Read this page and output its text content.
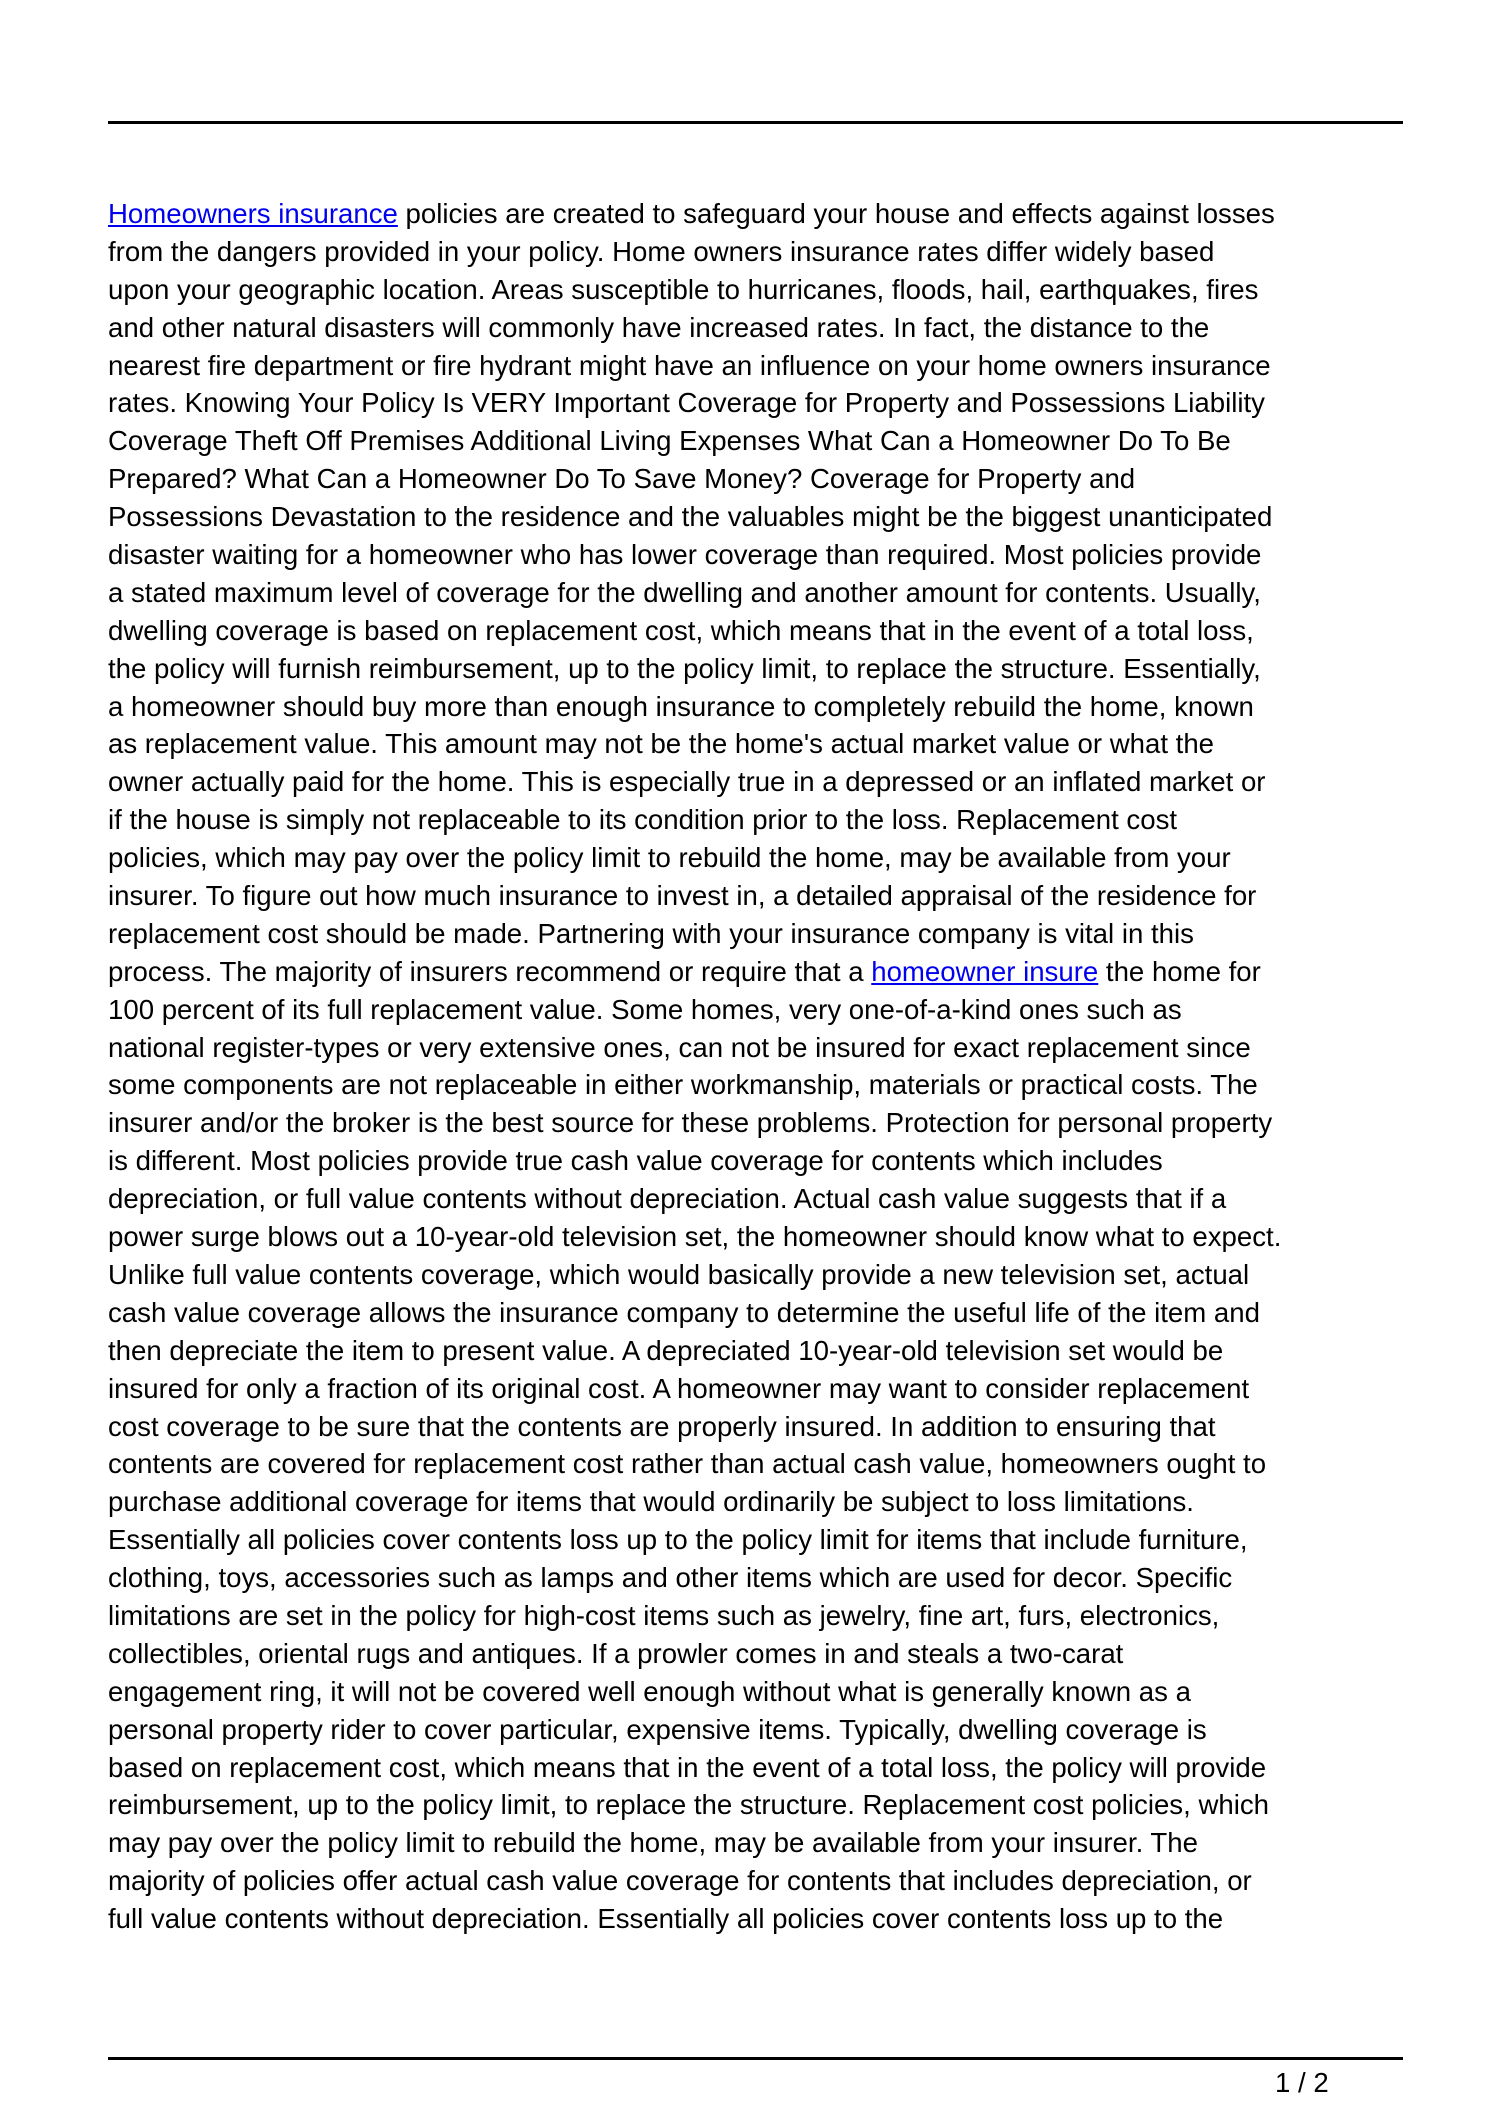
Homeowners insurance policies are created to safeguard your house and effects against losses
from the dangers provided in your policy. Home owners insurance rates differ widely based
upon your geographic location. Areas susceptible to hurricanes, floods, hail, earthquakes, fires
and other natural disasters will commonly have increased rates. In fact, the distance to the
nearest fire department or fire hydrant might have an influence on your home owners insurance
rates. Knowing Your Policy Is VERY Important Coverage for Property and Possessions Liability
Coverage Theft Off Premises Additional Living Expenses What Can a Homeowner Do To Be
Prepared? What Can a Homeowner Do To Save Money? Coverage for Property and
Possessions Devastation to the residence and the valuables might be the biggest unanticipated
disaster waiting for a homeowner who has lower coverage than required. Most policies provide
a stated maximum level of coverage for the dwelling and another amount for contents. Usually,
dwelling coverage is based on replacement cost, which means that in the event of a total loss,
the policy will furnish reimbursement, up to the policy limit, to replace the structure. Essentially,
a homeowner should buy more than enough insurance to completely rebuild the home, known
as replacement value. This amount may not be the home's actual market value or what the
owner actually paid for the home. This is especially true in a depressed or an inflated market or
if the house is simply not replaceable to its condition prior to the loss. Replacement cost
policies, which may pay over the policy limit to rebuild the home, may be available from your
insurer. To figure out how much insurance to invest in, a detailed appraisal of the residence for
replacement cost should be made. Partnering with your insurance company is vital in this
process. The majority of insurers recommend or require that a homeowner insure the home for
100 percent of its full replacement value. Some homes, very one-of-a-kind ones such as
national register-types or very extensive ones, can not be insured for exact replacement since
some components are not replaceable in either workmanship, materials or practical costs. The
insurer and/or the broker is the best source for these problems. Protection for personal property
is different. Most policies provide true cash value coverage for contents which includes
depreciation, or full value contents without depreciation. Actual cash value suggests that if a
power surge blows out a 10-year-old television set, the homeowner should know what to expect.
Unlike full value contents coverage, which would basically provide a new television set, actual
cash value coverage allows the insurance company to determine the useful life of the item and
then depreciate the item to present value. A depreciated 10-year-old television set would be
insured for only a fraction of its original cost. A homeowner may want to consider replacement
cost coverage to be sure that the contents are properly insured. In addition to ensuring that
contents are covered for replacement cost rather than actual cash value, homeowners ought to
purchase additional coverage for items that would ordinarily be subject to loss limitations.
Essentially all policies cover contents loss up to the policy limit for items that include furniture,
clothing, toys, accessories such as lamps and other items which are used for decor. Specific
limitations are set in the policy for high-cost items such as jewelry, fine art, furs, electronics,
collectibles, oriental rugs and antiques. If a prowler comes in and steals a two-carat
engagement ring, it will not be covered well enough without what is generally known as a
personal property rider to cover particular, expensive items. Typically, dwelling coverage is
based on replacement cost, which means that in the event of a total loss, the policy will provide
reimbursement, up to the policy limit, to replace the structure. Replacement cost policies, which
may pay over the policy limit to rebuild the home, may be available from your insurer. The
majority of policies offer actual cash value coverage for contents that includes depreciation, or
full value contents without depreciation. Essentially all policies cover contents loss up to the
1 / 2
